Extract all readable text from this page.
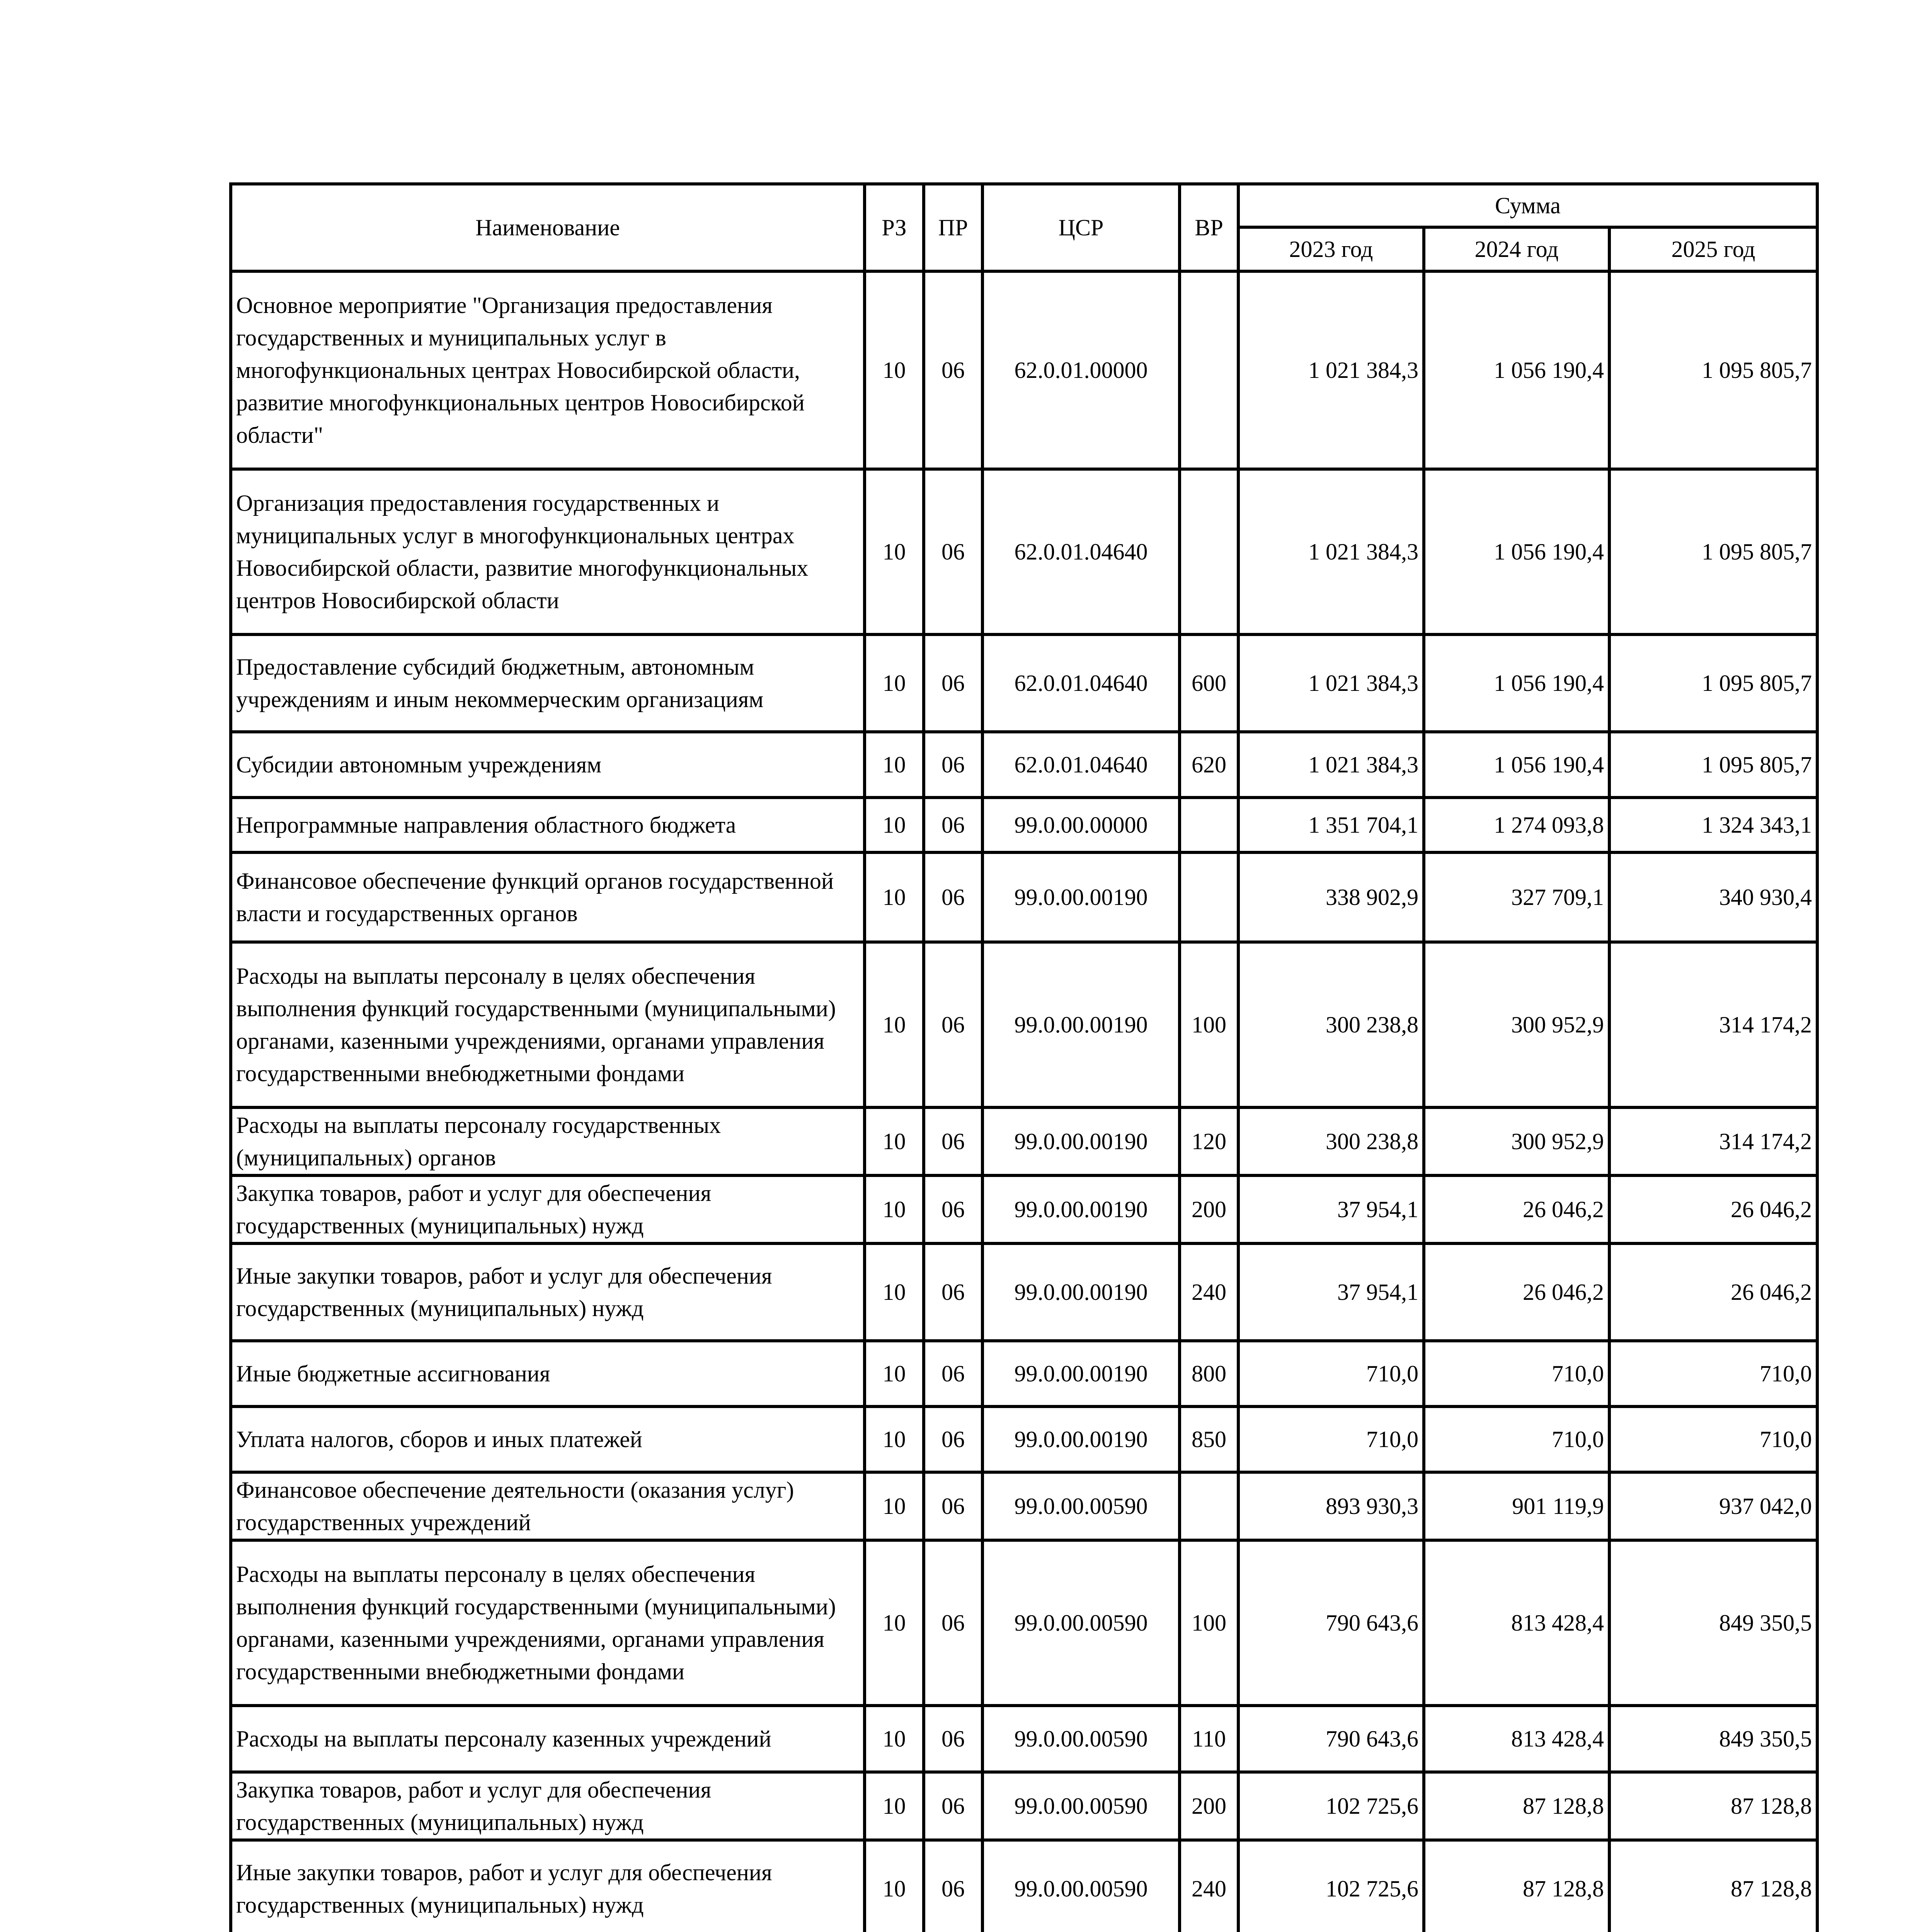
Наименование	РЗ	ПР	ЦСР	ВР	Сумма		
					2023 год	2024 год	2025 год
Основное мероприятие "Организация предоставления государственных и муниципальных услуг в многофункциональных центрах Новосибирской области, развитие многофункциональных центров Новосибирской области"	10	06	62.0.01.00000		1 021 384,3	1 056 190,4	1 095 805,7
Организация предоставления государственных и муниципальных услуг в многофункциональных центрах Новосибирской области, развитие многофункциональных центров Новосибирской области	10	06	62.0.01.04640		1 021 384,3	1 056 190,4	1 095 805,7
Предоставление субсидий бюджетным, автономным учреждениям и иным некоммерческим организациям	10	06	62.0.01.04640	600	1 021 384,3	1 056 190,4	1 095 805,7
Субсидии автономным учреждениям	10	06	62.0.01.04640	620	1 021 384,3	1 056 190,4	1 095 805,7
Непрограммные направления областного бюджета	10	06	99.0.00.00000		1 351 704,1	1 274 093,8	1 324 343,1
Финансовое обеспечение функций органов государственной власти и государственных органов	10	06	99.0.00.00190		338 902,9	327 709,1	340 930,4
Расходы на выплаты персоналу в целях обеспечения выполнения функций государственными (муниципальными) органами, казенными учреждениями, органами управления государственными внебюджетными фондами	10	06	99.0.00.00190	100	300 238,8	300 952,9	314 174,2
Расходы на выплаты персоналу государственных (муниципальных) органов	10	06	99.0.00.00190	120	300 238,8	300 952,9	314 174,2
Закупка товаров, работ и услуг для обеспечения государственных (муниципальных) нужд	10	06	99.0.00.00190	200	37 954,1	26 046,2	26 046,2
Иные закупки товаров, работ и услуг для обеспечения государственных (муниципальных) нужд	10	06	99.0.00.00190	240	37 954,1	26 046,2	26 046,2
Иные бюджетные ассигнования	10	06	99.0.00.00190	800	710,0	710,0	710,0
Уплата налогов, сборов и иных платежей	10	06	99.0.00.00190	850	710,0	710,0	710,0
Финансовое обеспечение деятельности (оказания услуг) государственных учреждений	10	06	99.0.00.00590		893 930,3	901 119,9	937 042,0
Расходы на выплаты персоналу в целях обеспечения выполнения функций государственными (муниципальными) органами, казенными учреждениями, органами управления государственными внебюджетными фондами	10	06	99.0.00.00590	100	790 643,6	813 428,4	849 350,5
Расходы на выплаты персоналу казенных учреждений	10	06	99.0.00.00590	110	790 643,6	813 428,4	849 350,5
Закупка товаров, работ и услуг для обеспечения государственных (муниципальных) нужд	10	06	99.0.00.00590	200	102 725,6	87 128,8	87 128,8
Иные закупки товаров, работ и услуг для обеспечения государственных (муниципальных) нужд	10	06	99.0.00.00590	240	102 725,6	87 128,8	87 128,8
